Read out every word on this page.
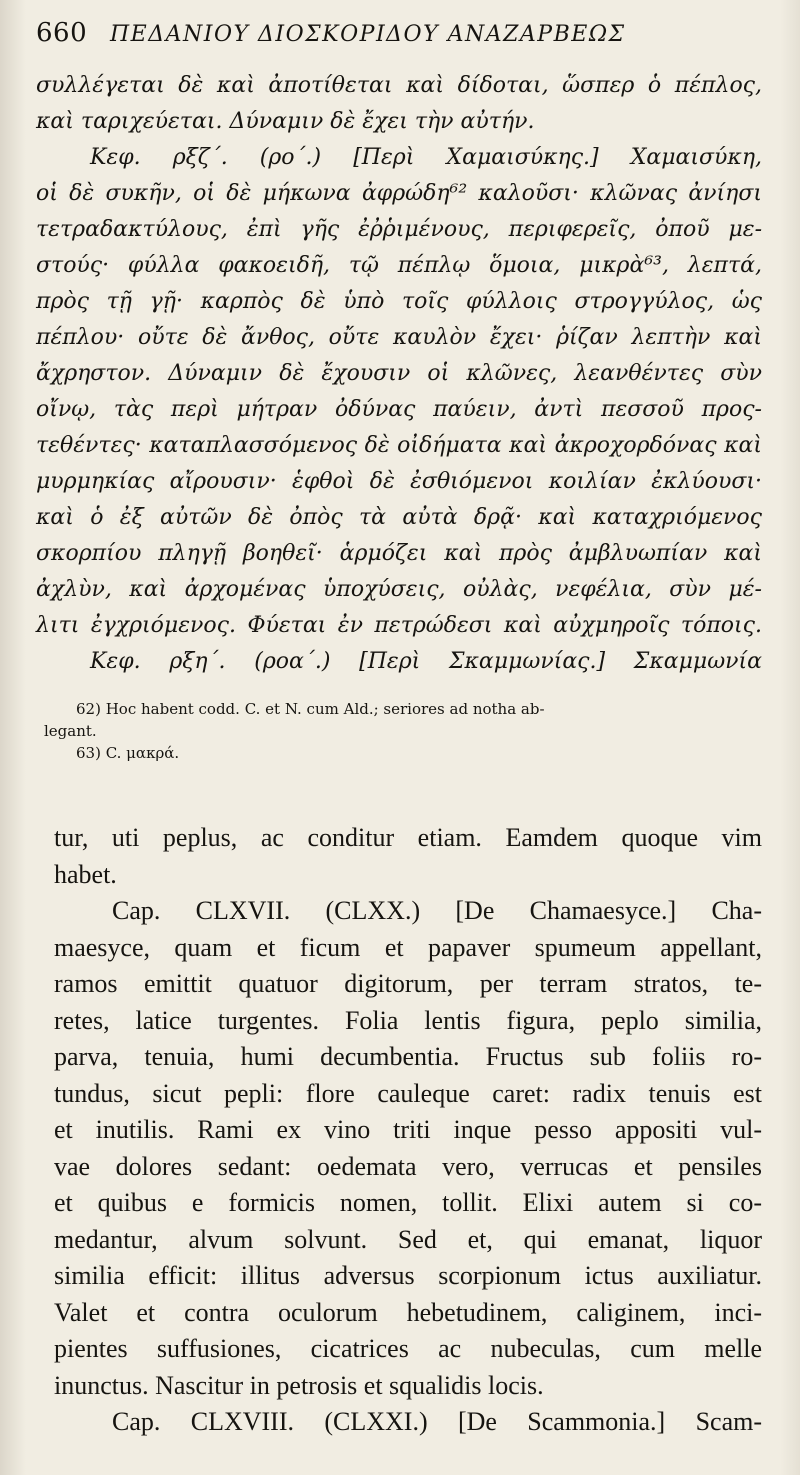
660	ΠΕΔΑΝΙΟΥ ΔΙΟΣΚΟΡΙΔΟΥ ΑΝΑΖΑΡΒΕΩΣ
συλλέγεται δὲ καὶ ἀποτίθεται καὶ δίδοται, ὥσπερ ὁ πέπλος,
καὶ ταριχεύεται. Δύναμιν δὲ ἔχει τὴν αὐτήν.
Κεφ. ρξζ΄. (ρο΄.) [Περὶ Χαμαισύκης.] Χαμαισύκη,
οἱ δὲ συκῆν, οἱ δὲ μήκωνα ἀφρώδη⁶² καλοῦσι· κλῶνας ἀνίησι
τετραδακτύλους, ἐπὶ γῆς ἐῤῥιμένους, περιφερεῖς, ὀποῦ με-
στούς· φύλλα φακοειδῆ, τῷ πέπλῳ ὅμοια, μικρὰ⁶³, λεπτά,
πρὸς τῇ γῇ· καρπὸς δὲ ὑπὸ τοῖς φύλλοις στρογγύλος, ὡς
πέπλου· οὔτε δὲ ἄνθος, οὔτε καυλὸν ἔχει· ῥίζαν λεπτὴν καὶ
ἄχρηστον. Δύναμιν δὲ ἔχουσιν οἱ κλῶνες, λεανθέντες σὺν
οἴνῳ, τὰς περὶ μήτραν ὀδύνας παύειν, ἀντὶ πεσσοῦ προς-
τεθέντες· καταπλασσόμενος δὲ οἰδήματα καὶ ἀκροχορδόνας καὶ
μυρμηκίας αἴρουσιν· ἑφθοὶ δὲ ἐσθιόμενοι κοιλίαν ἐκλύουσι·
καὶ ὁ ἐξ αὐτῶν δὲ ὀπὸς τὰ αὐτὰ δρᾷ· καὶ καταχριόμενος
σκορπίου πληγῇ βοηθεῖ· ἁρμόζει καὶ πρὸς ἀμβλυωπίαν καὶ
ἀχλὺν, καὶ ἀρχομένας ὑποχύσεις, οὐλὰς, νεφέλια, σὺν μέ-
λιτι ἐγχριόμενος. Φύεται ἐν πετρώδεσι καὶ αὐχμηροῖς τόποις.
Κεφ. ρξη΄. (ροα΄.) [Περὶ Σκαμμωνίας.] Σκαμμωνία
62) Hoc habent codd. C. et N. cum Ald.; seriores ad notha ab-
legant.
63) C. μακρά.
tur, uti peplus, ac conditur etiam. Eamdem quoque vim
habet.
Cap. CLXVII. (CLXX.) [De Chamaesyce.] Cha-
maesyce, quam et ficum et papaver spumeum appellant,
ramos emittit quatuor digitorum, per terram stratos, te-
retes, latice turgentes. Folia lentis figura, peplo similia,
parva, tenuia, humi decumbentia. Fructus sub foliis ro-
tundus, sicut pepli: flore cauleque caret: radix tenuis est
et inutilis. Rami ex vino triti inque pesso appositi vul-
vae dolores sedant: oedemata vero, verrucas et pensiles
et quibus e formicis nomen, tollit. Elixi autem si co-
medantur, alvum solvunt. Sed et, qui emanat, liquor
similia efficit: illitus adversus scorpionum ictus auxiliatur.
Valet et contra oculorum hebetudinem, caliginem, inci-
pientes suffusiones, cicatrices ac nubeculas, cum melle
inunctus. Nascitur in petrosis et squalidis locis.
Cap. CLXVIII. (CLXXI.) [De Scammonia.] Scam-
